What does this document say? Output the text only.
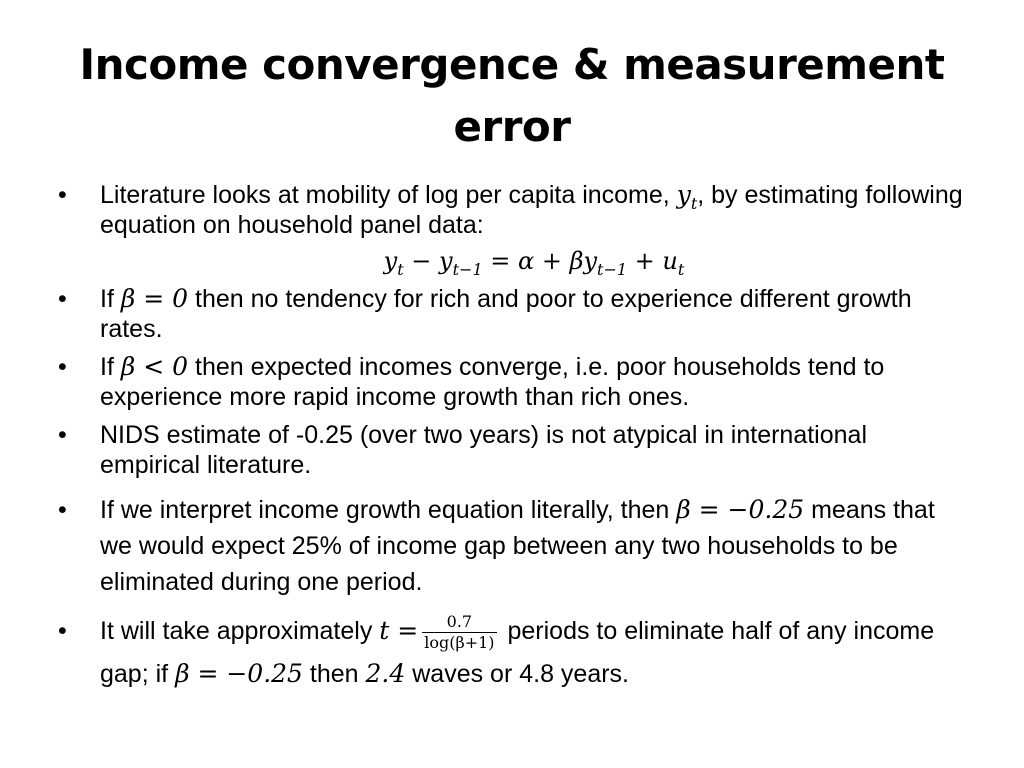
Income convergence & measurement error
•
Literature looks at mobility of log per capita income, $y_t$, by estimating following equation on household panel data:
$y_t - y_{t-1} = \alpha + \beta y_{t-1} + u_t$
•
If β = 0 then no tendency for rich and poor to experience different growth rates.
•
If β < 0 then expected incomes converge, i.e. poor households tend to experience more rapid income growth than rich ones.
•
NIDS estimate of -0.25 (over two years) is not atypical in international empirical literature.
•
If we interpret income growth equation literally, then β = −0.25 means that we would expect 25% of income gap between any two households to be eliminated during one period.
•
It will take approximately $t = \frac{0.7}{\log(\beta+1)}$ periods to eliminate half of any income gap; if β = −0.25 then 2.4 waves or 4.8 years.
